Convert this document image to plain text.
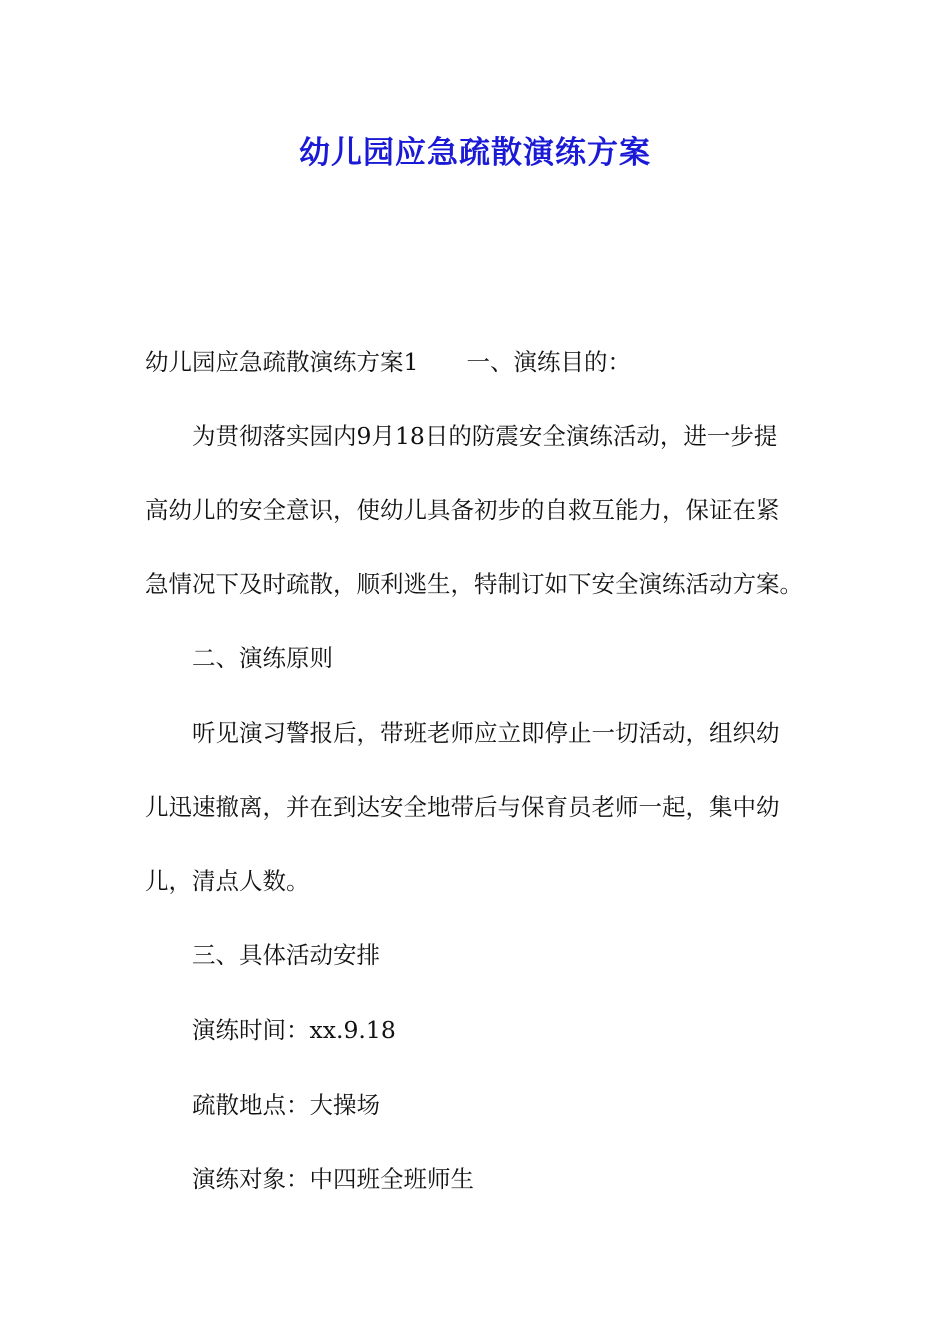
幼儿园应急疏散演练方案
幼儿园应急疏散演练方案1 一、演练目的：
为贯彻落实园内9月18日的防震安全演练活动，进一步提
高幼儿的安全意识，使幼儿具备初步的自救互能力，保证在紧
急情况下及时疏散，顺利逃生，特制订如下安全演练活动方案。
二、演练原则
听见演习警报后，带班老师应立即停止一切活动，组织幼
儿迅速撤离，并在到达安全地带后与保育员老师一起，集中幼
儿，清点人数。
三、具体活动安排
演练时间：xx.9.18
疏散地点：大操场
演练对象：中四班全班师生
